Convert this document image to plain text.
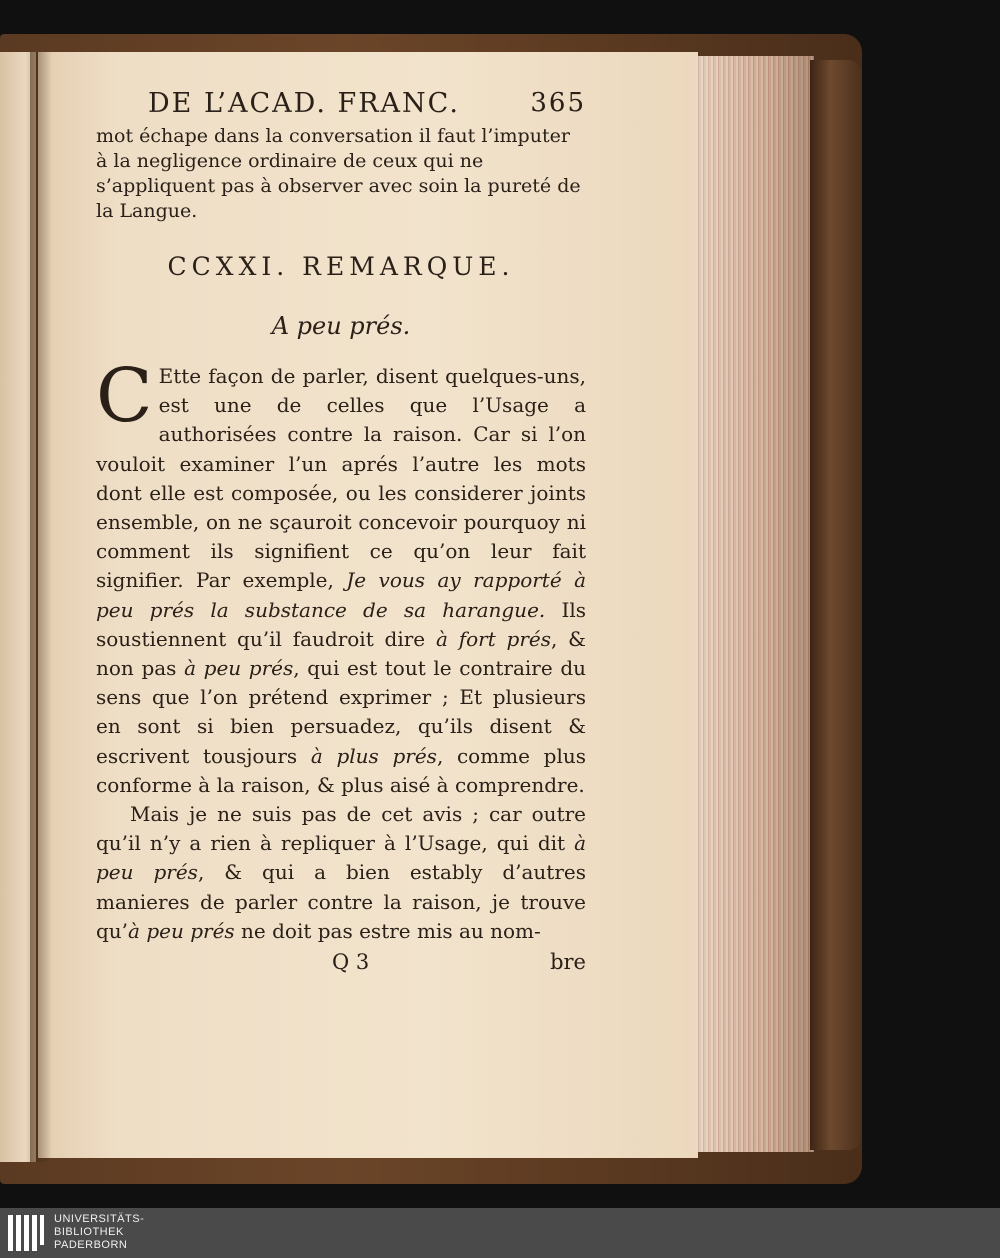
DE L’ACAD. FRANC.	365

mot échape dans la conversation il faut l’imputer à la negligence ordinaire de ceux qui ne s’appliquent pas à observer avec soin la pureté de la Langue.

CCXXI. REMARQUE.
A peu prés.

C Ette façon de parler, disent quelques-uns, est une de celles que l’Usage a authorisées contre la raison. Car si l’on vouloit examiner l’un aprés l’autre les mots dont elle est composée, ou les considerer joints ensemble, on ne sçauroit concevoir pourquoy ni comment ils signifient ce qu’on leur fait signifier. Par exemple, Je vous ay rapporté à peu prés la substance de sa harangue. Ils soustiennent qu’il faudroit dire à fort prés, & non pas à peu prés, qui est tout le contraire du sens que l’on prétend exprimer ; Et plusieurs en sont si bien persuadez, qu’ils disent & escrivent tousjours à plus prés, comme plus conforme à la raison, & plus aisé à comprendre.

Mais je ne suis pas de cet avis ; car outre qu’il n’y a rien à repliquer à l’Usage, qui dit à peu prés, & qui a bien estably d’autres manieres de parler contre la raison, je trouve qu’à peu prés ne doit pas estre mis au nom-

Q 3	bre
UNIVERSITÄTS-
BIBLIOTHEK
PADERBORN
